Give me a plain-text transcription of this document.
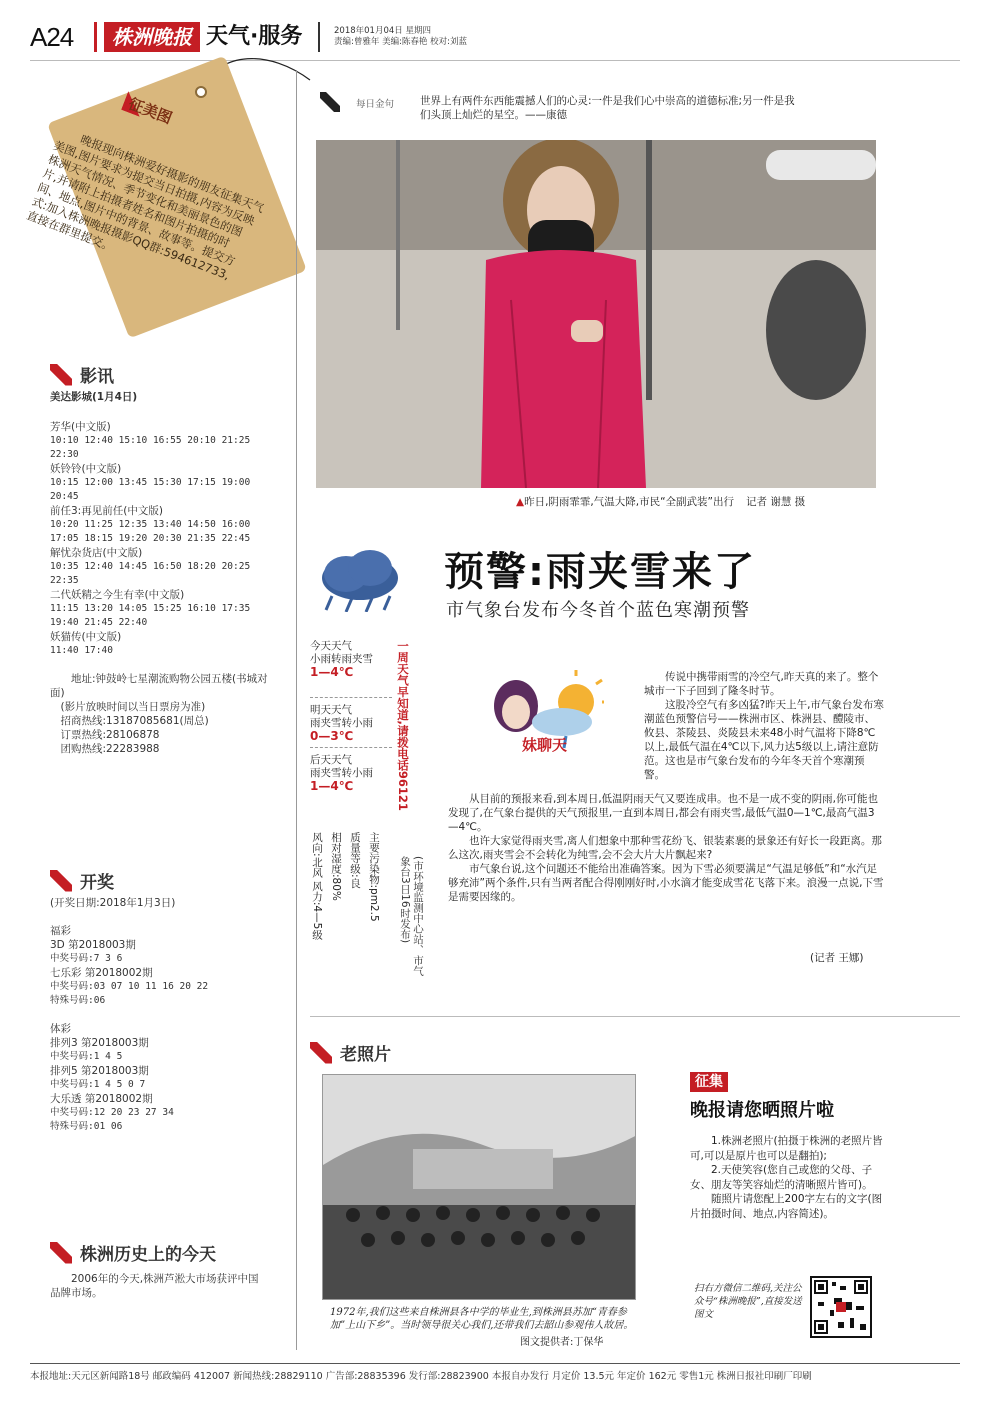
A24	株洲晚报 天气·服务	2018年01月04日 星期四
责编:曾雅年 美编:陈春艳 校对:刘蓝
征美图
晚报现向株洲爱好摄影的朋友征集天气美图,图片要求为提交当日拍摄,内容为反映株洲天气情况、季节变化和美丽景色的图片,并请附上拍摄者姓名和图片拍摄的时间、地点,图片中的背景、故事等。提交方式:加入株洲晚报摄影QQ群:594612733,直接在群里提交。
影讯
美达影城(1月4日)
芳华(中文版)
10:10 12:40 15:10 16:55 20:10 21:25 22:30
妖铃铃(中文版)
10:15 12:00 13:45 15:30 17:15 19:00 20:45
前任3:再见前任(中文版)
10:20 11:25 12:35 13:40 14:50 16:00 17:05 18:15 19:20 20:30 21:35 22:45
解忧杂货店(中文版)
10:35 12:40 14:45 16:50 18:20 20:25 22:35
二代妖精之今生有幸(中文版)
11:15 13:20 14:05 15:25 16:10 17:35 19:40 21:45 22:40
妖猫传(中文版)
11:40 17:40
地址:钟鼓岭七星潮流购物公园五楼(书城对面)
(影片放映时间以当日票房为准)
招商热线:13187085681(周总)
订票热线:28106878
团购热线:22283988
开奖
(开奖日期:2018年1月3日)
福彩
3D 第2018003期
中奖号码:7 3 6
七乐彩 第2018002期
中奖号码:03 07 10 11 16 20 22
特殊号码:06
体彩
排列3 第2018003期
中奖号码:1 4 5
排列5 第2018003期
中奖号码:1 4 5 0 7
大乐透 第2018002期
中奖号码:12 20 23 27 34
特殊号码:01 06
株洲历史上的今天
2006年的今天,株洲芦淞大市场获评中国品牌市场。
每日金句 世界上有两件东西能震撼人们的心灵:一件是我们心中崇高的道德标准;另一件是我们头顶上灿烂的星空。——康德
▲昨日,阴雨霏霏,气温大降,市民“全副武装”出行 记者 谢慧 摄
预警:雨夹雪来了
市气象台发布今冬首个蓝色寒潮预警
今天天气
小雨转雨夹雪
1—4℃
明天天气
雨夹雪转小雨
0—3℃
后天天气
雨夹雪转小雨
1—4℃	一周天气早知道,请拨电话96121
(市环境监测中心站、市气象台3日16时发布)
主要污染物:pm2.5
质量等级:良
相对湿度:80%
风向:北风 风力:4—5级
妹聊天

传说中携带雨雪的冷空气,昨天真的来了。整个城市一下子回到了隆冬时节。

这股冷空气有多凶猛?昨天上午,市气象台发布寒潮蓝色预警信号——株洲市区、株洲县、醴陵市、攸县、茶陵县、炎陵县未来48小时气温将下降8℃以上,最低气温在4℃以下,风力达5级以上,请注意防范。这也是市气象台发布的今年冬天首个寒潮预警。

从目前的预报来看,到本周日,低温阴雨天气又要连成串。也不是一成不变的阴雨,你可能也发现了,在气象台提供的天气预报里,一直到本周日,都会有雨夹雪,最低气温0—1℃,最高气温3—4℃。

也许大家觉得雨夹雪,离人们想象中那种雪花纷飞、银装素裹的景象还有好长一段距离。那么这次,雨夹雪会不会转化为纯雪,会不会大片大片飘起来?

市气象台说,这个问题还不能给出准确答案。因为下雪必须要满足“气温足够低”和“水汽足够充沛”两个条件,只有当两者配合得刚刚好时,小水滴才能变成雪花飞落下来。浪漫一点说,下雪是需要因缘的。

(记者 王娜)
老照片
1972年,我们这些来自株洲县各中学的毕业生,到株洲县苏加“青春参加”上山下乡”。当时领导很关心我们,还带我们去韶山参观伟人故居。
图文提供者:丁保华
征集
晚报请您晒照片啦

1.株洲老照片(拍摄于株洲的老照片皆可,可以是原片也可以是翻拍);

2.天使笑容(您自己或您的父母、子女、朋友等笑容灿烂的清晰照片皆可)。

随照片请您配上200字左右的文字(图片拍摄时间、地点,内容简述)。

扫右方微信二维码,关注公众号“株洲晚报”,直接发送图文
本报地址:天元区新闻路18号 邮政编码 412007 新闻热线:28829110 广告部:28835396 发行部:28823900 本报自办发行 月定价 13.5元 年定价 162元 零售1元 株洲日报社印刷厂印刷
